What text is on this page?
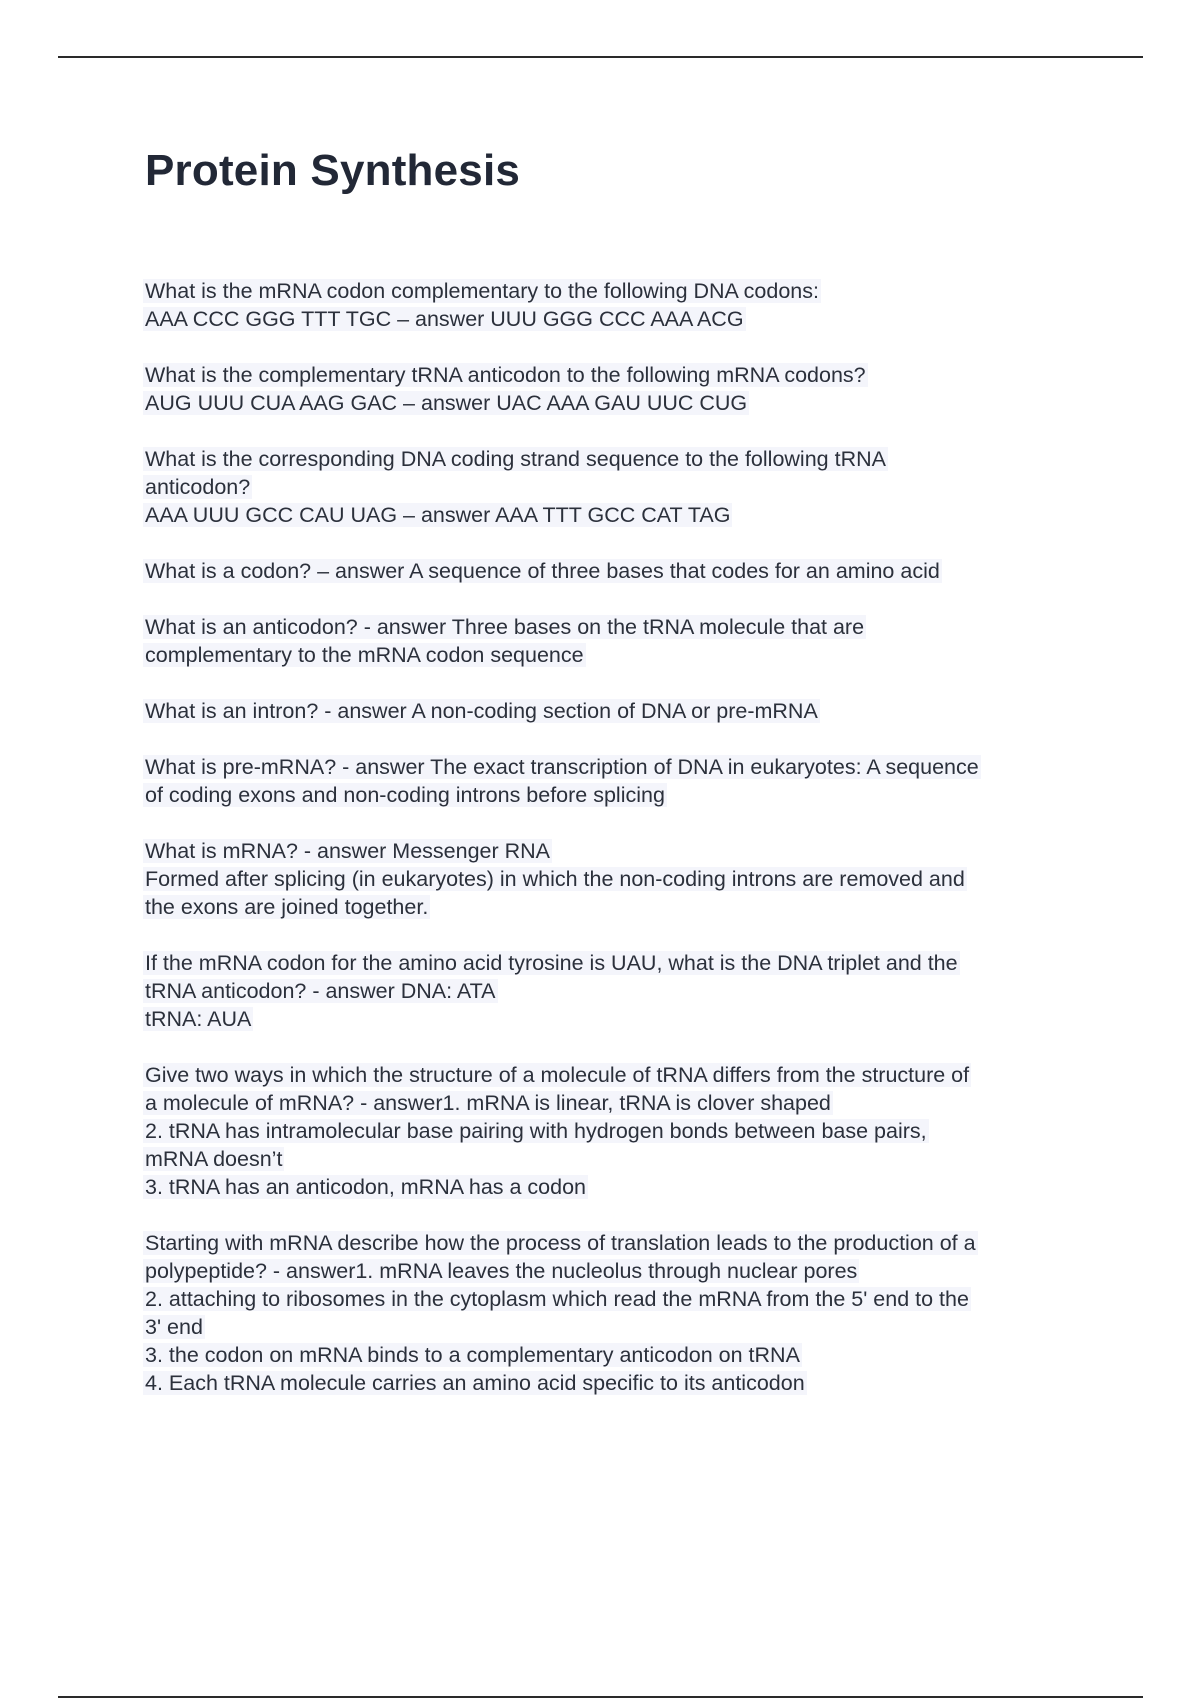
Protein Synthesis

What is the mRNA codon complementary to the following DNA codons:
AAA CCC GGG TTT TGC – answer UUU GGG CCC AAA ACG

What is the complementary tRNA anticodon to the following mRNA codons?
AUG UUU CUA AAG GAC – answer UAC AAA GAU UUC CUG

What is the corresponding DNA coding strand sequence to the following tRNA
anticodon?
AAA UUU GCC CAU UAG – answer AAA TTT GCC CAT TAG

What is a codon? – answer A sequence of three bases that codes for an amino acid

What is an anticodon? - answer Three bases on the tRNA molecule that are
complementary to the mRNA codon sequence

What is an intron? - answer A non-coding section of DNA or pre-mRNA

What is pre-mRNA? - answer The exact transcription of DNA in eukaryotes: A sequence
of coding exons and non-coding introns before splicing

What is mRNA? - answer Messenger RNA
Formed after splicing (in eukaryotes) in which the non-coding introns are removed and
the exons are joined together.

If the mRNA codon for the amino acid tyrosine is UAU, what is the DNA triplet and the
tRNA anticodon? - answer DNA: ATA
tRNA: AUA

Give two ways in which the structure of a molecule of tRNA differs from the structure of
a molecule of mRNA? - answer1. mRNA is linear, tRNA is clover shaped
2. tRNA has intramolecular base pairing with hydrogen bonds between base pairs,
mRNA doesn’t
3. tRNA has an anticodon, mRNA has a codon

Starting with mRNA describe how the process of translation leads to the production of a
polypeptide? - answer1. mRNA leaves the nucleolus through nuclear pores
2. attaching to ribosomes in the cytoplasm which read the mRNA from the 5' end to the
3' end
3. the codon on mRNA binds to a complementary anticodon on tRNA
4. Each tRNA molecule carries an amino acid specific to its anticodon
